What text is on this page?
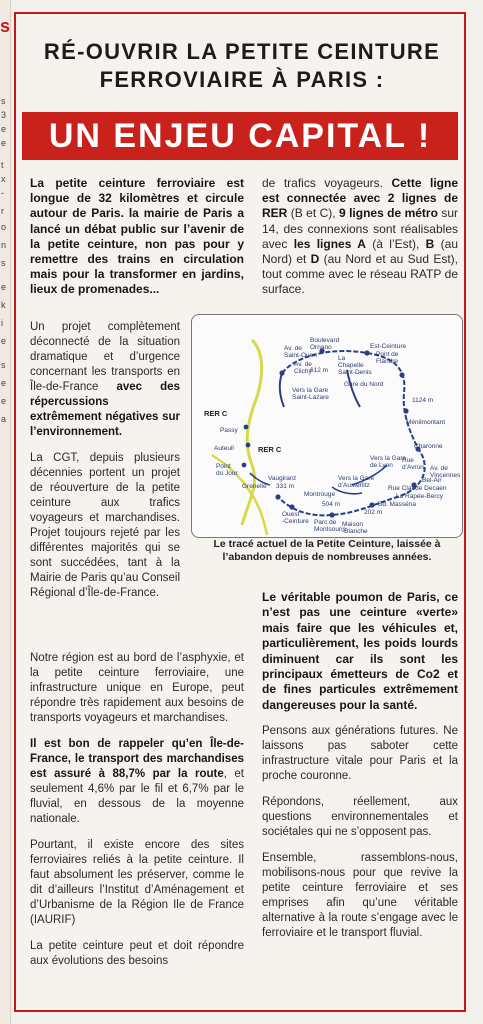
s
s
3
e
e
t
x
-
r
o
n
s
e
k
i
e
s
e
e
a
RÉ-OUVRIR LA PETITE CEINTURE
FERROVIAIRE À PARIS :
UN ENJEU CAPITAL !
La petite ceinture ferroviaire est longue de 32 kilomètres et circule autour de Paris. la mairie de Paris a lancé un débat public sur l’avenir de la petite ceinture, non pas pour y remettre des trains en circulation mais pour la transformer en jardins, lieux de promenades...
de trafics voyageurs. Cette ligne est connectée avec 2 lignes de RER (B et C), 9 lignes de métro sur 14, des connexions sont réalisables avec les lignes A (à l’Est), B (au Nord) et D (au Nord et au Sud Est), tout comme avec le réseau RATP de surface.

Un projet complètement déconnecté de la situation dramatique et d’urgence concernant les transports en Île-de-France avec des répercussions extrêmement négatives sur l’environnement.

La CGT, depuis plusieurs décennies portent un projet de réouverture de la petite ceinture aux trafics voyageurs et marchandises. Projet toujours rejeté par les différentes majorités qui se sont succédées, tant à la Mairie de Paris qu’au Conseil Régional d’Île-de-France.

Boulevard
Ornano
Av. de
Saint-Ouen
Est-Ceinture
Pont de
Flandre
La
Chapelle
Saint-Denis
Av. de
Clichy
612 m
Gare du Nord
Vers la Gare
Saint-Lazare	1124 m
Ménilmontant
RER C
Charonne
Passy
RER C
Auteuil
Rue
d’Avron
Vers la Gare
de Lyon	Av. de
Vincennes
Bel-Air
Point
du Jour
Rue Claude Decaen
Vaugirard	Vers la Gare
d’Austerlitz
La Rapée-Bercy
Grenelle 331 m
Montrouge
Bd. Masséna
504 m
202 m
Ouest
-Ceinture Parc de
Montsouris
Maison
-Blanche
Le tracé actuel de la Petite Ceinture, laissée à l’abandon depuis de nombreuses années.

Notre région est au bord de l’asphyxie, et la petite ceinture ferroviaire, une infrastructure unique en Europe, peut répondre très rapidement aux besoins de transports voyageurs et marchandises.

Il est bon de rappeler qu’en Île-de-France, le transport des marchandises est assuré à 88,7% par la route, et seulement 4,6% par le fil et 6,7% par le fluvial, en dessous de la moyenne nationale.

Pourtant, il existe encore des sites ferroviaires reliés à la petite ceinture. Il faut absolument les préserver, comme le dit d’ailleurs l’Institut d’Aménagement et d’Urbanisme de la Région Ile de France (IAURIF)

La petite ceinture peut et doit répondre aux évolutions des besoins

Le véritable poumon de Paris, ce n’est pas une ceinture «verte» mais faire que les véhicules et, particulièrement, les poids lourds diminuent car ils sont les principaux émetteurs de Co2 et de fines particules extrêmement dangereuses pour la santé.

Pensons aux générations futures. Ne laissons pas saboter cette infrastructure vitale pour Paris et la proche couronne.

Répondons, réellement, aux questions environnementales et sociétales qui ne s’opposent pas.

Ensemble, rassemblons-nous, mobilisons-nous pour que revive la petite ceinture ferroviaire et ses emprises afin qu’une véritable alternative à la route s’engage avec le ferroviaire et le transport fluvial.
